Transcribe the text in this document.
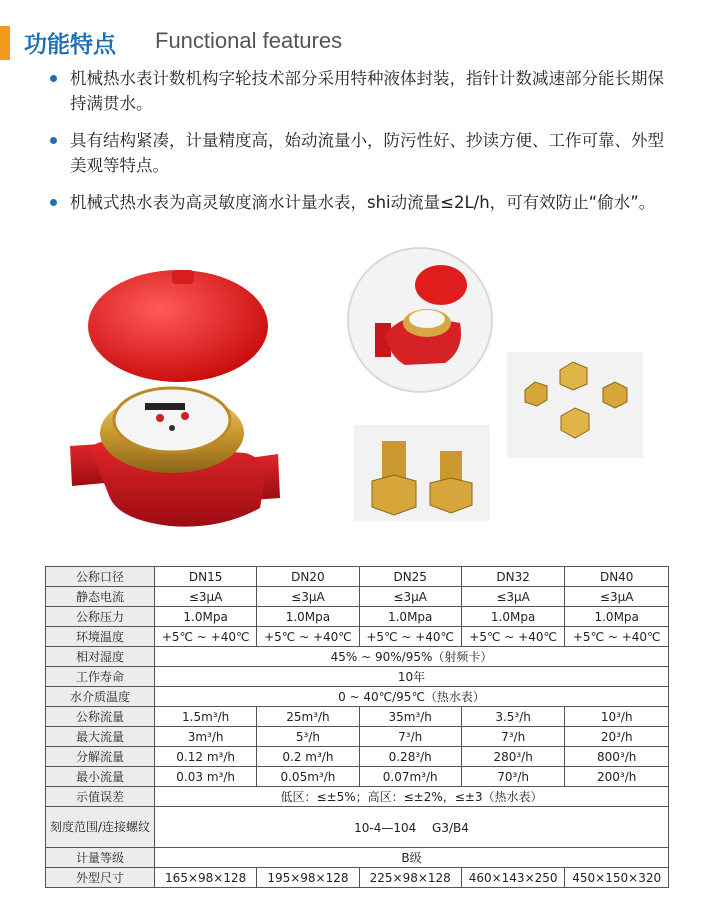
功能特点 Functional features
机械热水表计数机构字轮技术部分采用特种液体封装，指针计数减速部分能长期保持满贯水。
具有结构紧凑，计量精度高，始动流量小，防污性好、抄读方便、工作可靠、外型美观等特点。
机械式热水表为高灵敏度滴水计量水表，shi动流量≤2L/h，可有效防止“偷水”。
公称口径	DN15	DN20	DN25	DN32	DN40
静态电流	≤3μA	≤3μA	≤3μA	≤3μA	≤3μA
公称压力	1.0Mpa	1.0Mpa	1.0Mpa	1.0Mpa	1.0Mpa
环境温度	+5℃ ~ +40℃	+5℃ ~ +40℃	+5℃ ~ +40℃	+5℃ ~ +40℃	+5℃ ~ +40℃
相对湿度	45% ~ 90%/95%（射频卡）				
工作寿命	10年				
水介质温度	0 ~ 40℃/95℃（热水表）				
公称流量	1.5m³/h	25m³/h	35m³/h	3.5³/h	10³/h
最大流量	3m³/h	5³/h	7³/h	7³/h	20³/h
分解流量	0.12 m³/h	0.2 m³/h	0.28³/h	280³/h	800³/h
最小流量	0.03 m³/h	0.05m³/h	0.07m³/h	70³/h	200³/h
示值误差	低区：≤±5%；高区：≤±2%，≤±3（热水表）				
刻度范围/连接螺纹	10-4—104　 G3/B4				
计量等级	B级				
外型尺寸	165×98×128	195×98×128	225×98×128	460×143×250	450×150×320
